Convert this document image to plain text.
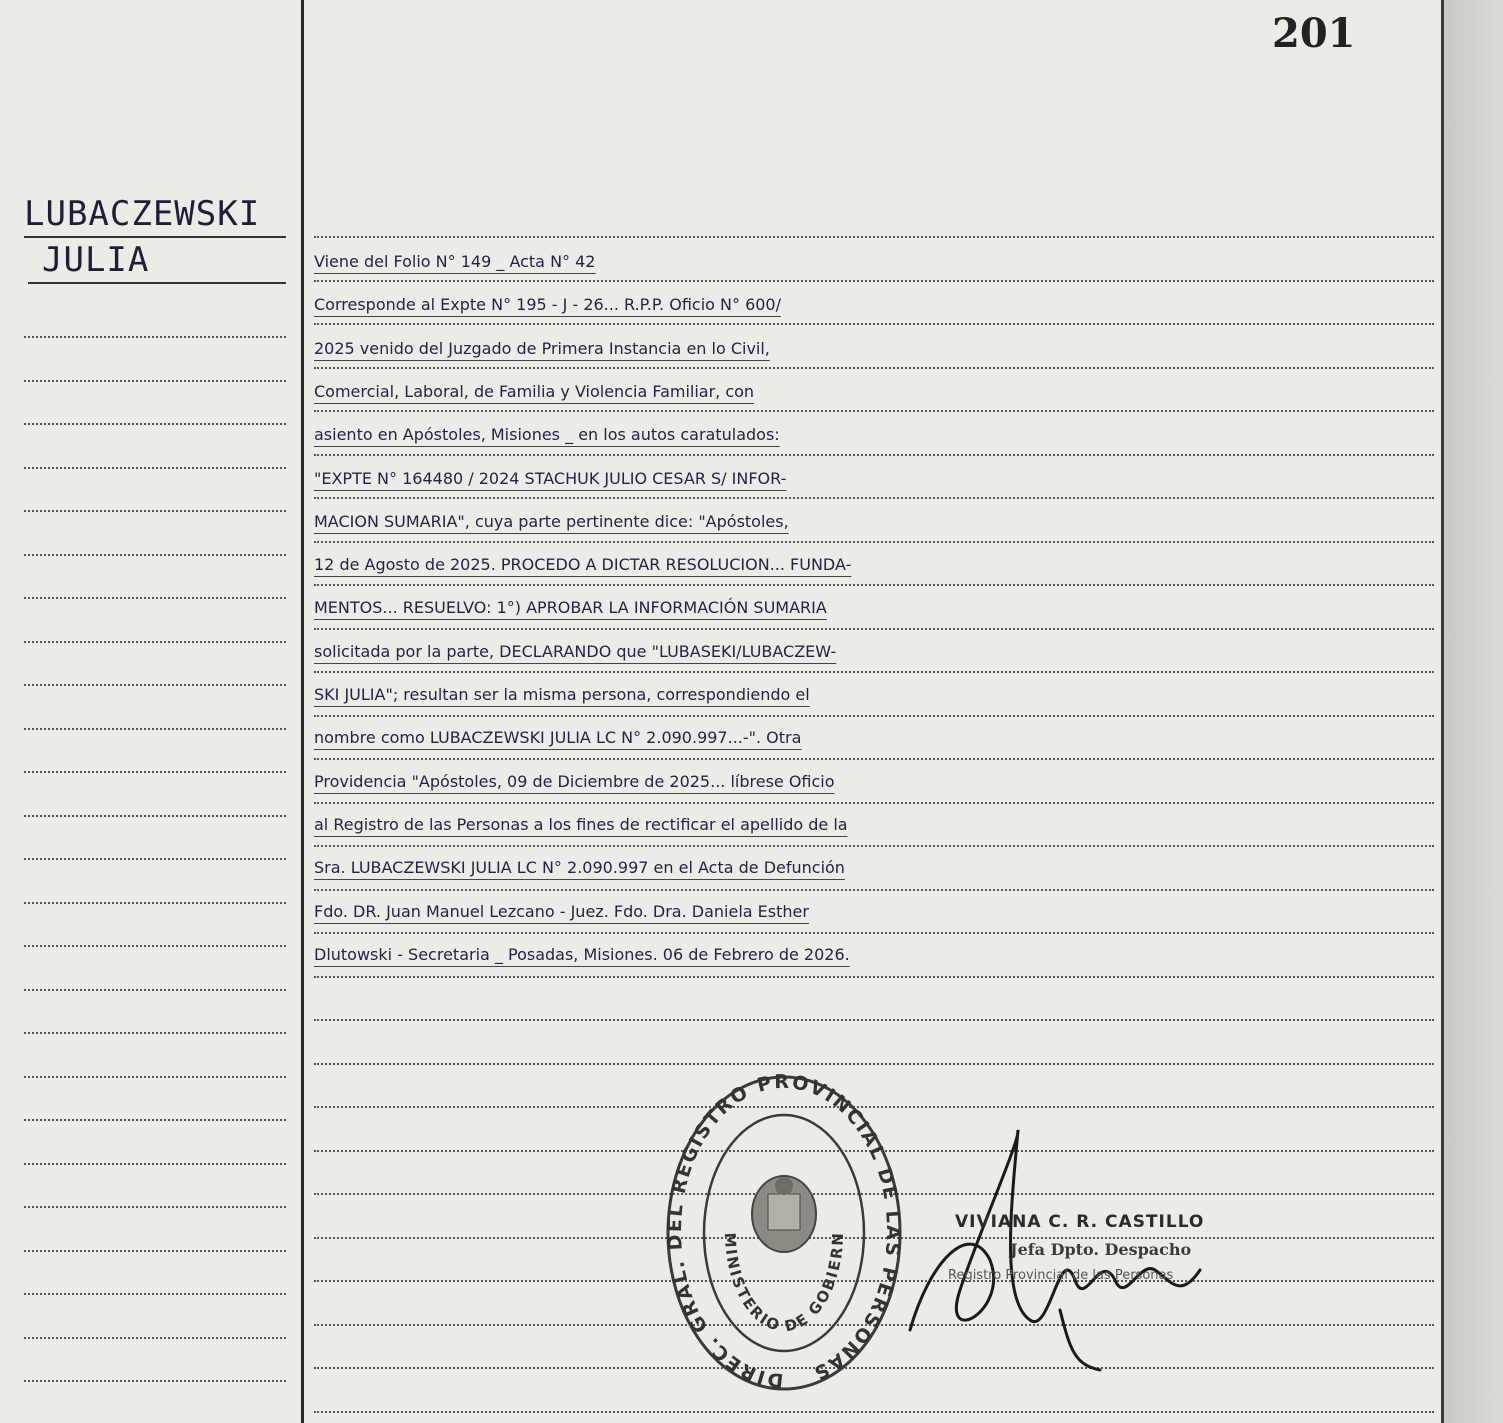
201
LUBACZEWSKI
JULIA	Viene del Folio N° 149 _ Acta N° 42
Corresponde al Expte N° 195 - J - 26... R.P.P. Oficio N° 600/
2025 venido del Juzgado de Primera Instancia en lo Civil,
Comercial, Laboral, de Familia y Violencia Familiar, con
asiento en Apóstoles, Misiones _ en los autos caratulados:
"EXPTE N° 164480 / 2024 STACHUK JULIO CESAR S/ INFOR-
MACION SUMARIA", cuya parte pertinente dice: "Apóstoles,
12 de Agosto de 2025. PROCEDO A DICTAR RESOLUCION... FUNDA-
MENTOS... RESUELVO: 1°) APROBAR LA INFORMACIÓN SUMARIA
solicitada por la parte, DECLARANDO que "LUBASEKI/LUBACZEW-
SKI JULIA"; resultan ser la misma persona, correspondiendo el
nombre como LUBACZEWSKI JULIA LC N° 2.090.997...-". Otra
Providencia "Apóstoles, 09 de Diciembre de 2025... líbrese Oficio
al Registro de las Personas a los fines de rectificar el apellido de la
Sra. LUBACZEWSKI JULIA LC N° 2.090.997 en el Acta de Defunción
Fdo. DR. Juan Manuel Lezcano - Juez. Fdo. Dra. Daniela Esther
Dlutowski - Secretaria _ Posadas, Misiones. 06 de Febrero de 2026.
DIREC. GRAL. DEL REGISTRO PROVINCIAL DE LAS PERSONAS
MINISTERIO DE GOBIERN
VIVIANA C. R. CASTILLO
Jefa Dpto. Despacho
Registro Provincial de las Personas
